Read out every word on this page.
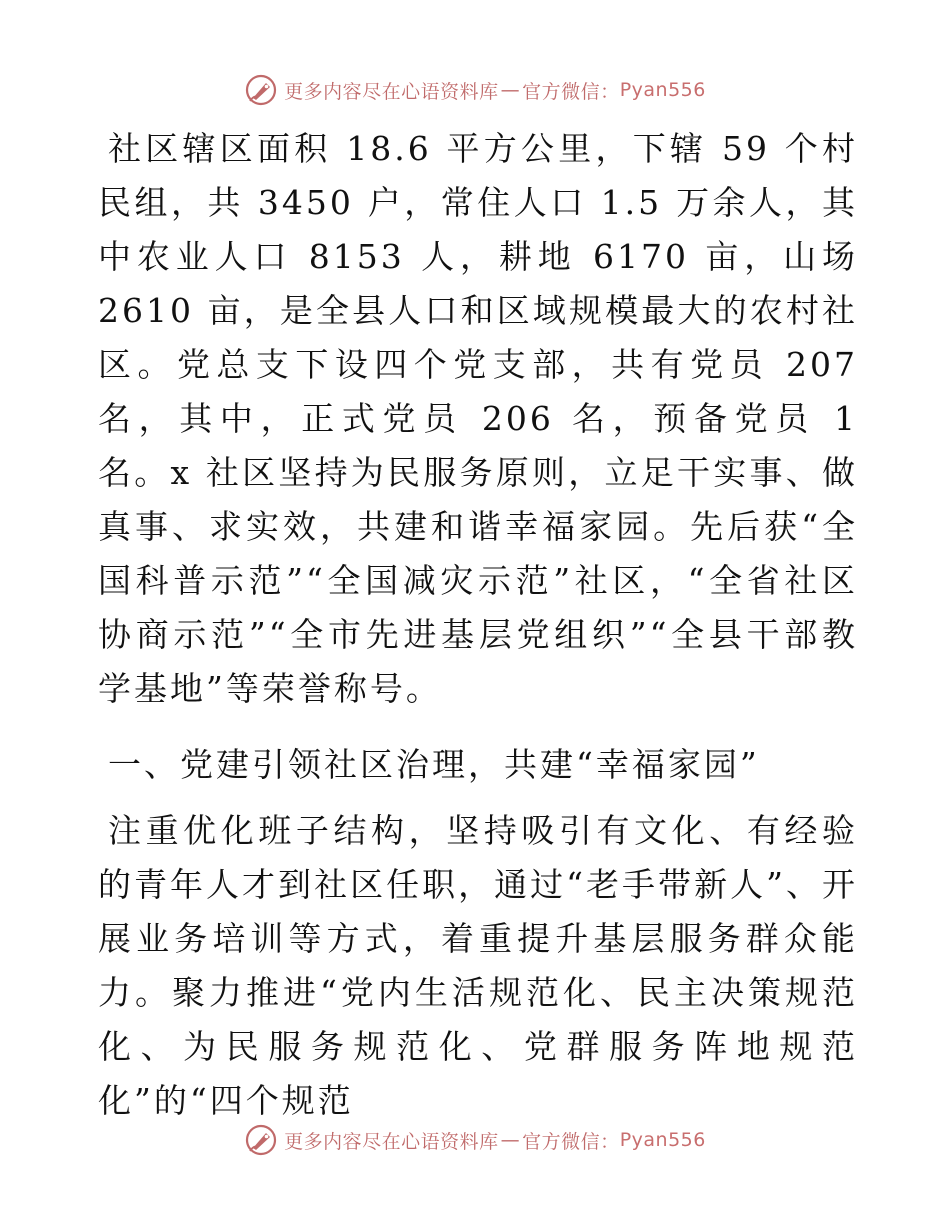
更多内容尽在心语资料库 — 官方微信： Pyan556

社区辖区面积 18.6 平方公里，下辖 59 个村民组，共 3450 户，常住人口 1.5 万余人，其中农业人口 8153 人，耕地 6170 亩，山场 2610 亩，是全县人口和区域规模最大的农村社区。党总支下设四个党支部，共有党员 207 名，其中，正式党员 206 名，预备党员 1 名。x 社区坚持为民服务原则，立足干实事、做真事、求实效，共建和谐幸福家园。先后获“全国科普示范”“全国减灾示范”社区，“全省社区协商示范”“全市先进基层党组织”“全县干部教学基地”等荣誉称号。

一、党建引领社区治理，共建“幸福家园”

注重优化班子结构，坚持吸引有文化、有经验的青年人才到社区任职，通过“老手带新人”、开展业务培训等方式，着重提升基层服务群众能力。聚力推进“党内生活规范化、民主决策规范化、为民服务规范化、党群服务阵地规范化”的“四个规范

更多内容尽在心语资料库 — 官方微信： Pyan556
